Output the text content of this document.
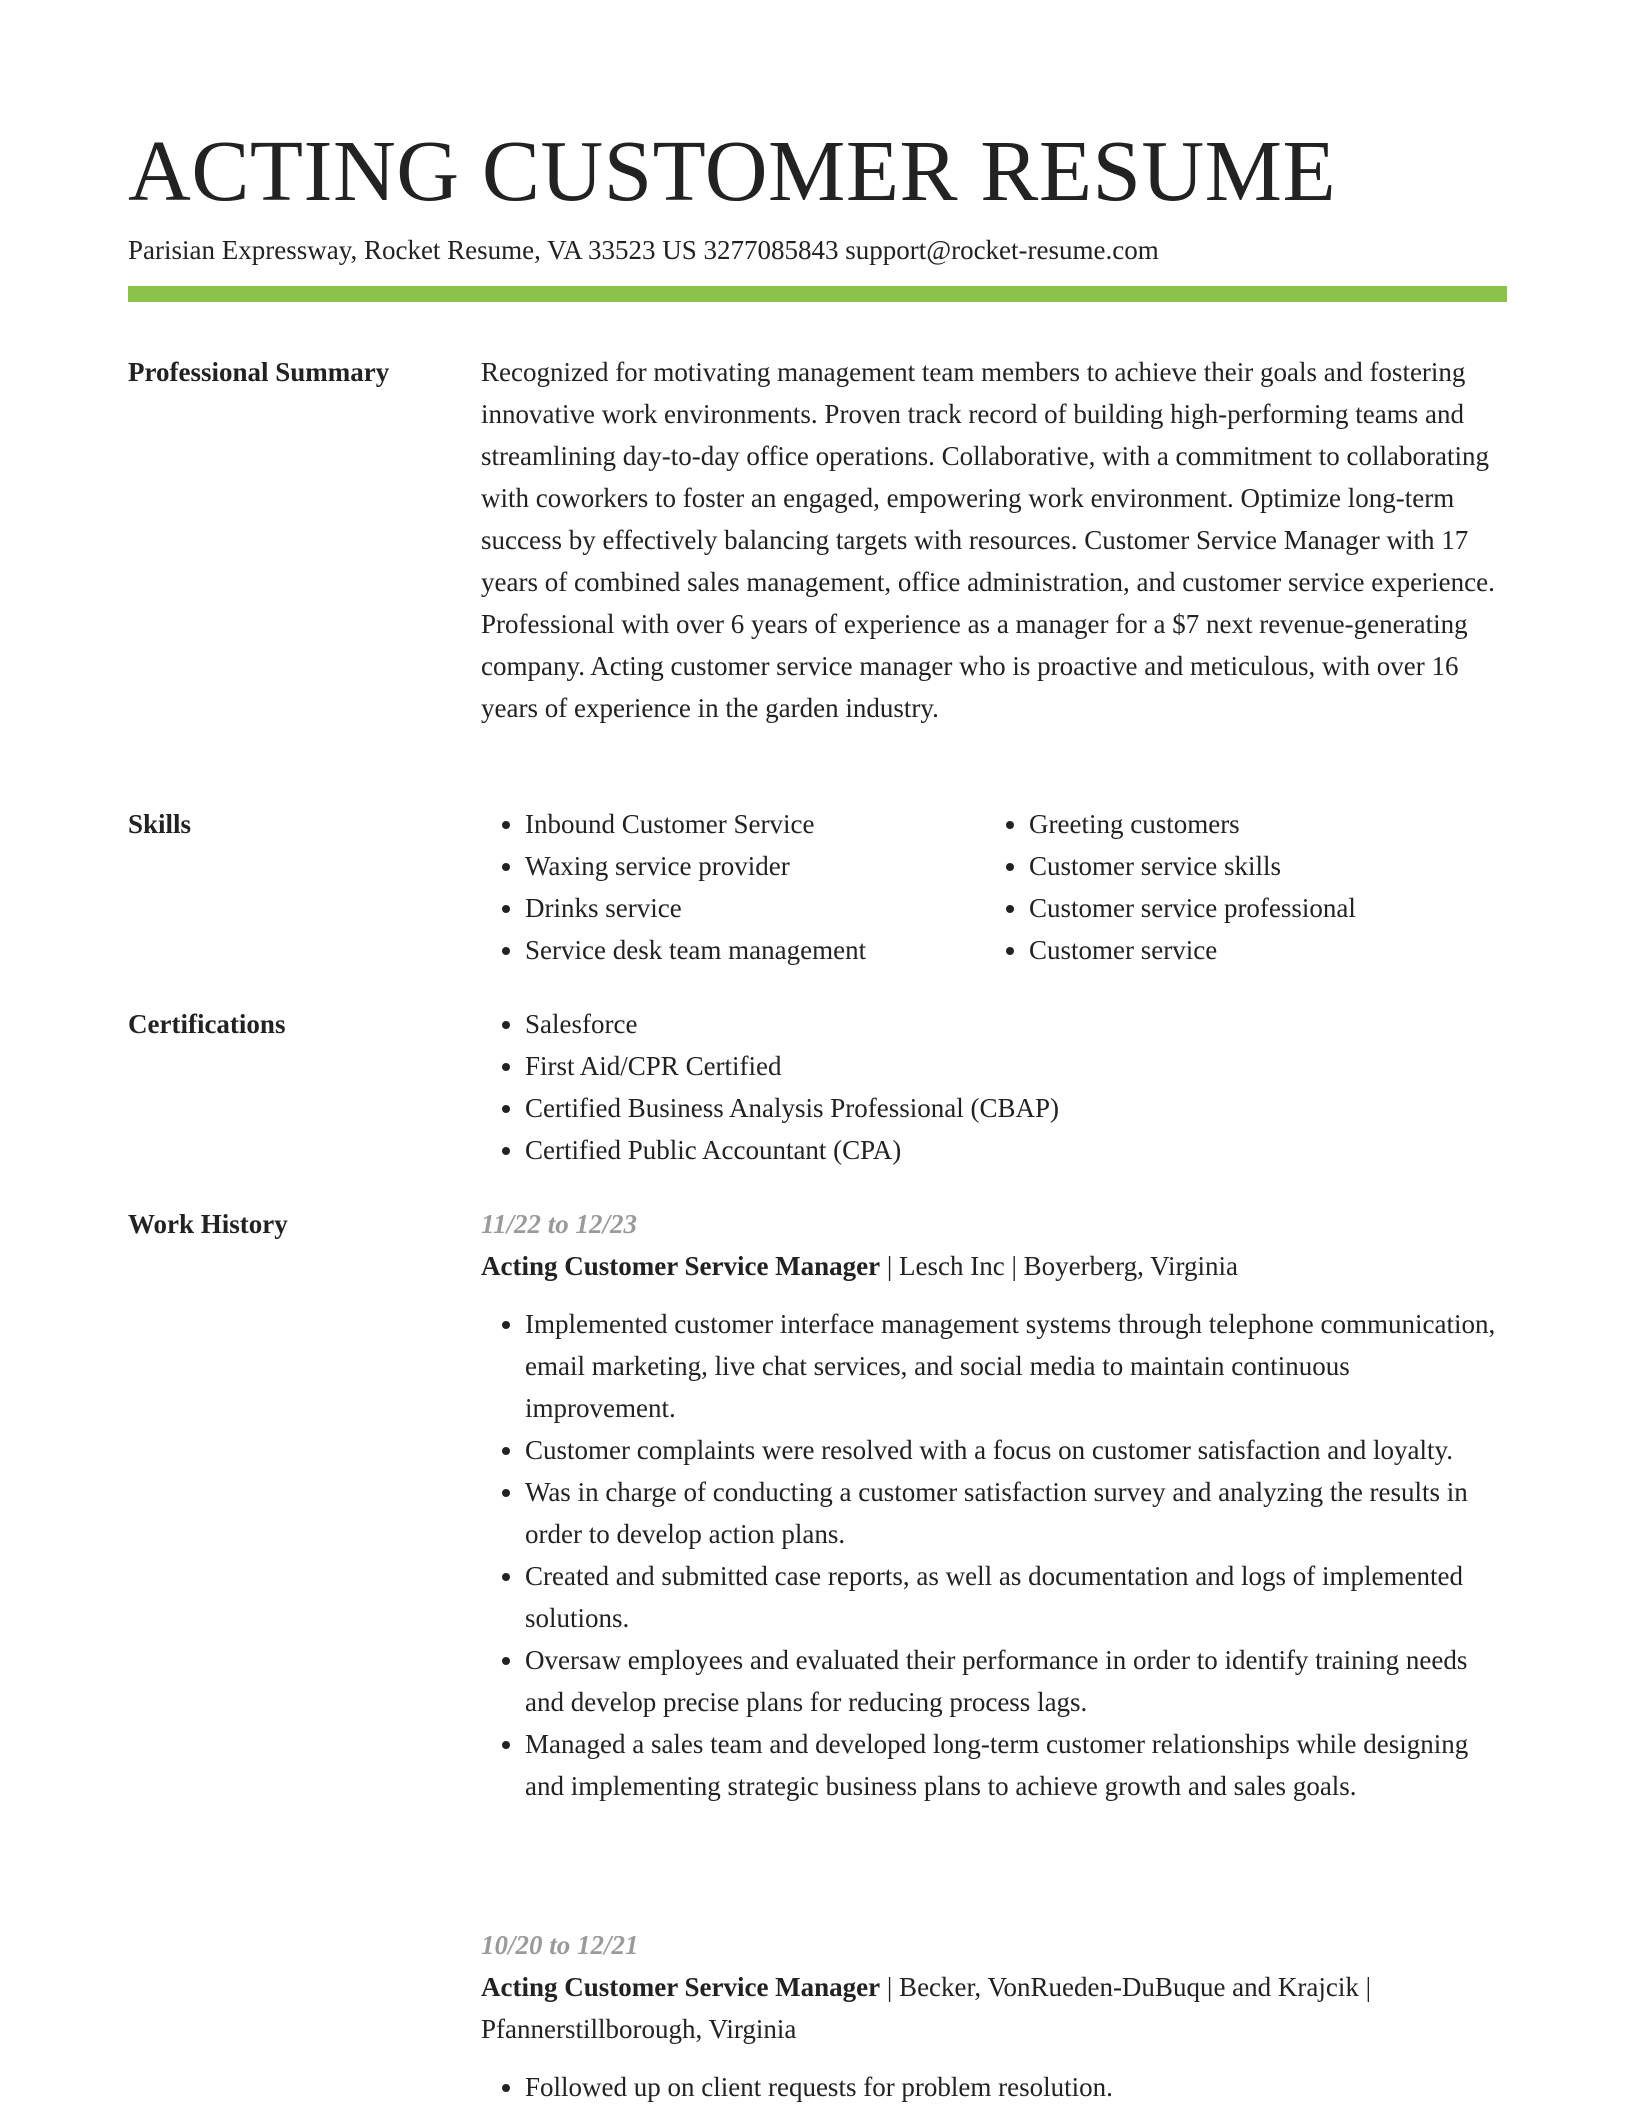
ACTING CUSTOMER RESUME
Parisian Expressway, Rocket Resume, VA 33523 US 3277085843 support@rocket-resume.com
Professional Summary	Recognized for motivating management team members to achieve their goals and fostering innovative work environments. Proven track record of building high-performing teams and streamlining day-to-day office operations. Collaborative, with a commitment to collaborating with coworkers to foster an engaged, empowering work environment. Optimize long-term success by effectively balancing targets with resources. Customer Service Manager with 17 years of combined sales management, office administration, and customer service experience. Professional with over 6 years of experience as a manager for a $7 next revenue-generating company. Acting customer service manager who is proactive and meticulous, with over 16 years of experience in the garden industry.

Skills	• Inbound Customer Service
• Waxing service provider
• Drinks service
• Service desk team management
• Greeting customers
• Customer service skills
• Customer service professional
• Customer service
Certifications	• Salesforce
• First Aid/CPR Certified
• Certified Business Analysis Professional (CBAP)
• Certified Public Accountant (CPA)
Work History	11/22 to 12/23
Acting Customer Service Manager | Lesch Inc | Boyerberg, Virginia
• Implemented customer interface management systems through telephone communication, email marketing, live chat services, and social media to maintain continuous improvement.
• Customer complaints were resolved with a focus on customer satisfaction and loyalty.
• Was in charge of conducting a customer satisfaction survey and analyzing the results in order to develop action plans.
• Created and submitted case reports, as well as documentation and logs of implemented solutions.
• Oversaw employees and evaluated their performance in order to identify training needs and develop precise plans for reducing process lags.
• Managed a sales team and developed long-term customer relationships while designing and implementing strategic business plans to achieve growth and sales goals.
10/20 to 12/21
Acting Customer Service Manager | Becker, VonRueden-DuBuque and Krajcik | Pfannerstillborough, Virginia
• Followed up on client requests for problem resolution.
